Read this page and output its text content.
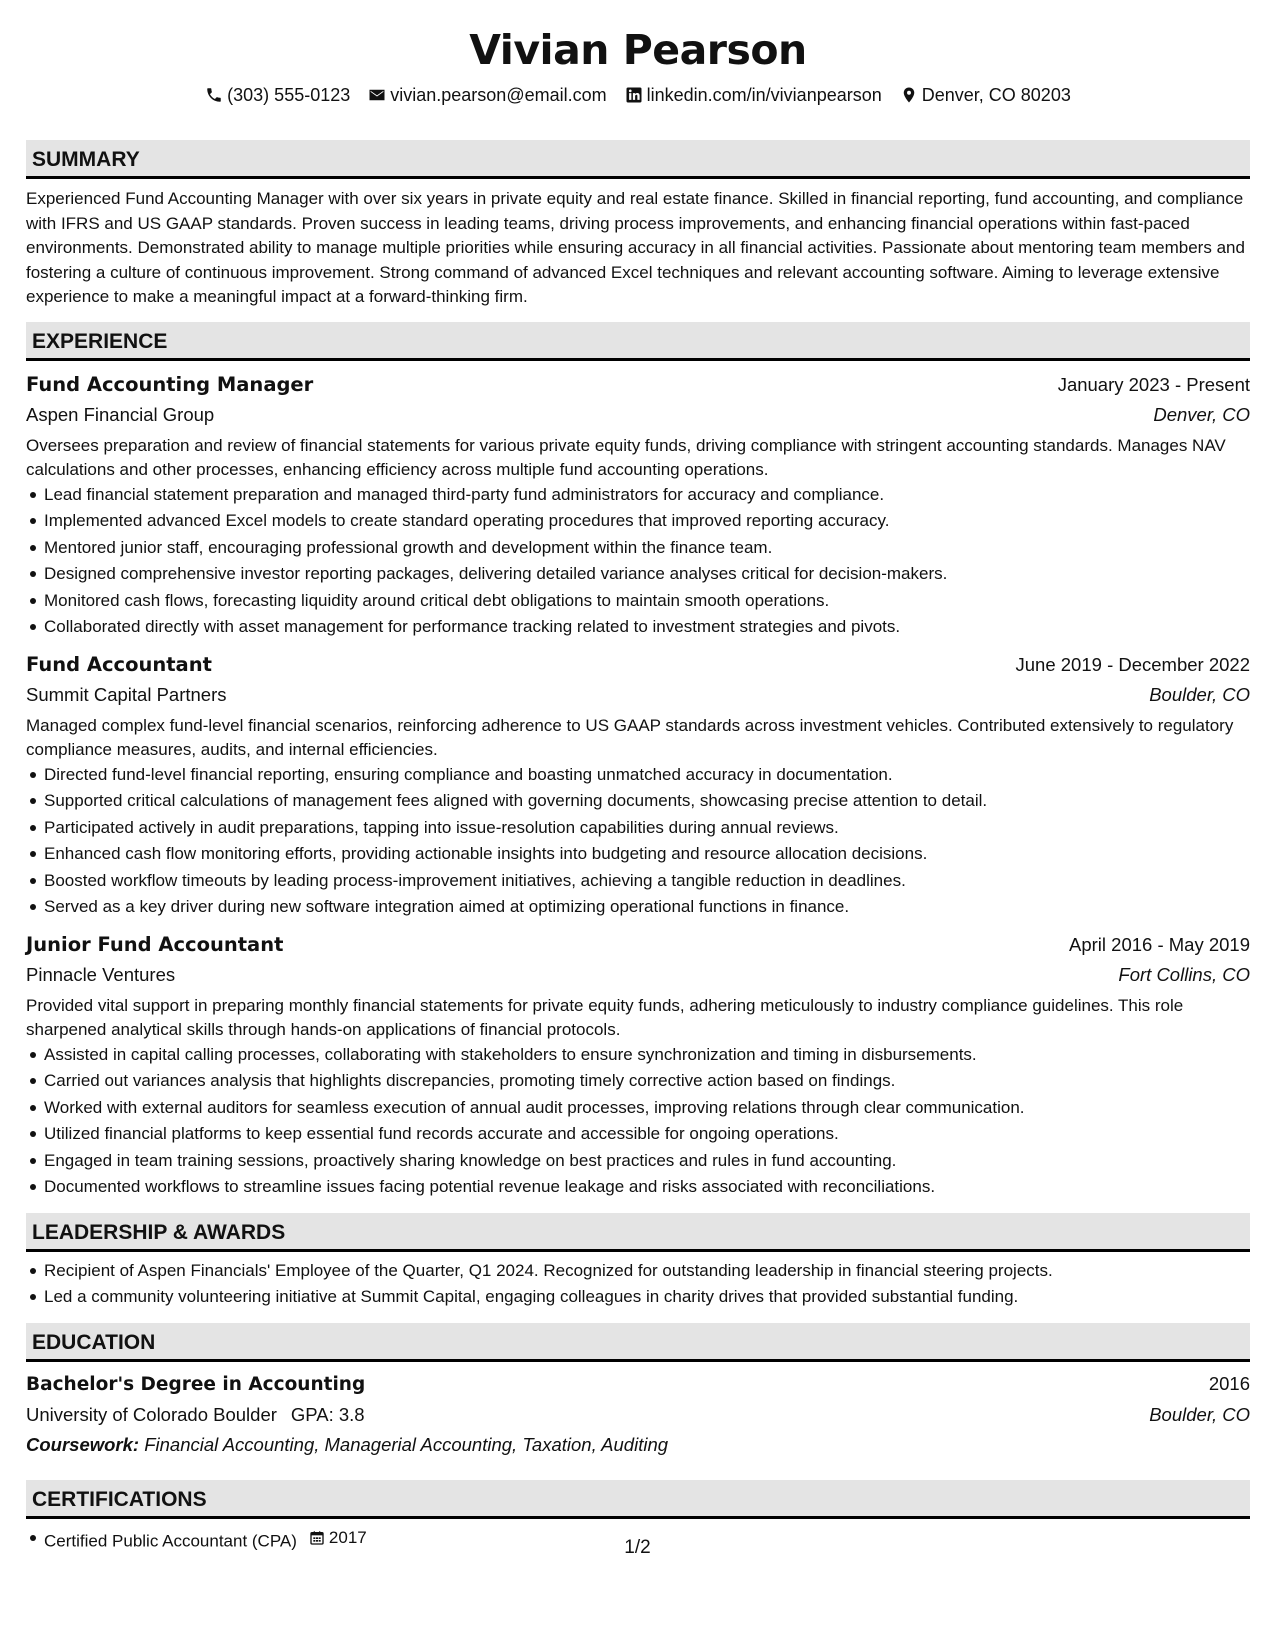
Vivian Pearson
(303) 555-0123 vivian.pearson@email.com linkedin.com/in/vivianpearson Denver, CO 80203
SUMMARY
Experienced Fund Accounting Manager with over six years in private equity and real estate finance. Skilled in financial reporting, fund accounting, and compliance with IFRS and US GAAP standards. Proven success in leading teams, driving process improvements, and enhancing financial operations within fast-paced environments. Demonstrated ability to manage multiple priorities while ensuring accuracy in all financial activities. Passionate about mentoring team members and fostering a culture of continuous improvement. Strong command of advanced Excel techniques and relevant accounting software. Aiming to leverage extensive experience to make a meaningful impact at a forward-thinking firm.
EXPERIENCE
Fund Accounting Manager	January 2023 - Present
Aspen Financial Group	Denver, CO
Oversees preparation and review of financial statements for various private equity funds, driving compliance with stringent accounting standards. Manages NAV calculations and other processes, enhancing efficiency across multiple fund accounting operations.
Lead financial statement preparation and managed third-party fund administrators for accuracy and compliance.
Implemented advanced Excel models to create standard operating procedures that improved reporting accuracy.
Mentored junior staff, encouraging professional growth and development within the finance team.
Designed comprehensive investor reporting packages, delivering detailed variance analyses critical for decision-makers.
Monitored cash flows, forecasting liquidity around critical debt obligations to maintain smooth operations.
Collaborated directly with asset management for performance tracking related to investment strategies and pivots.
Fund Accountant	June 2019 - December 2022
Summit Capital Partners	Boulder, CO
Managed complex fund-level financial scenarios, reinforcing adherence to US GAAP standards across investment vehicles. Contributed extensively to regulatory compliance measures, audits, and internal efficiencies.
Directed fund-level financial reporting, ensuring compliance and boasting unmatched accuracy in documentation.
Supported critical calculations of management fees aligned with governing documents, showcasing precise attention to detail.
Participated actively in audit preparations, tapping into issue-resolution capabilities during annual reviews.
Enhanced cash flow monitoring efforts, providing actionable insights into budgeting and resource allocation decisions.
Boosted workflow timeouts by leading process-improvement initiatives, achieving a tangible reduction in deadlines.
Served as a key driver during new software integration aimed at optimizing operational functions in finance.
Junior Fund Accountant	April 2016 - May 2019
Pinnacle Ventures	Fort Collins, CO
Provided vital support in preparing monthly financial statements for private equity funds, adhering meticulously to industry compliance guidelines. This role sharpened analytical skills through hands-on applications of financial protocols.
Assisted in capital calling processes, collaborating with stakeholders to ensure synchronization and timing in disbursements.
Carried out variances analysis that highlights discrepancies, promoting timely corrective action based on findings.
Worked with external auditors for seamless execution of annual audit processes, improving relations through clear communication.
Utilized financial platforms to keep essential fund records accurate and accessible for ongoing operations.
Engaged in team training sessions, proactively sharing knowledge on best practices and rules in fund accounting.
Documented workflows to streamline issues facing potential revenue leakage and risks associated with reconciliations.
LEADERSHIP & AWARDS
Recipient of Aspen Financials' Employee of the Quarter, Q1 2024. Recognized for outstanding leadership in financial steering projects.
Led a community volunteering initiative at Summit Capital, engaging colleagues in charity drives that provided substantial funding.
EDUCATION
Bachelor's Degree in Accounting	2016
University of Colorado Boulder GPA: 3.8	Boulder, CO
Coursework: Financial Accounting, Managerial Accounting, Taxation, Auditing
CERTIFICATIONS
Certified Public Accountant (CPA) 2017	1/2
